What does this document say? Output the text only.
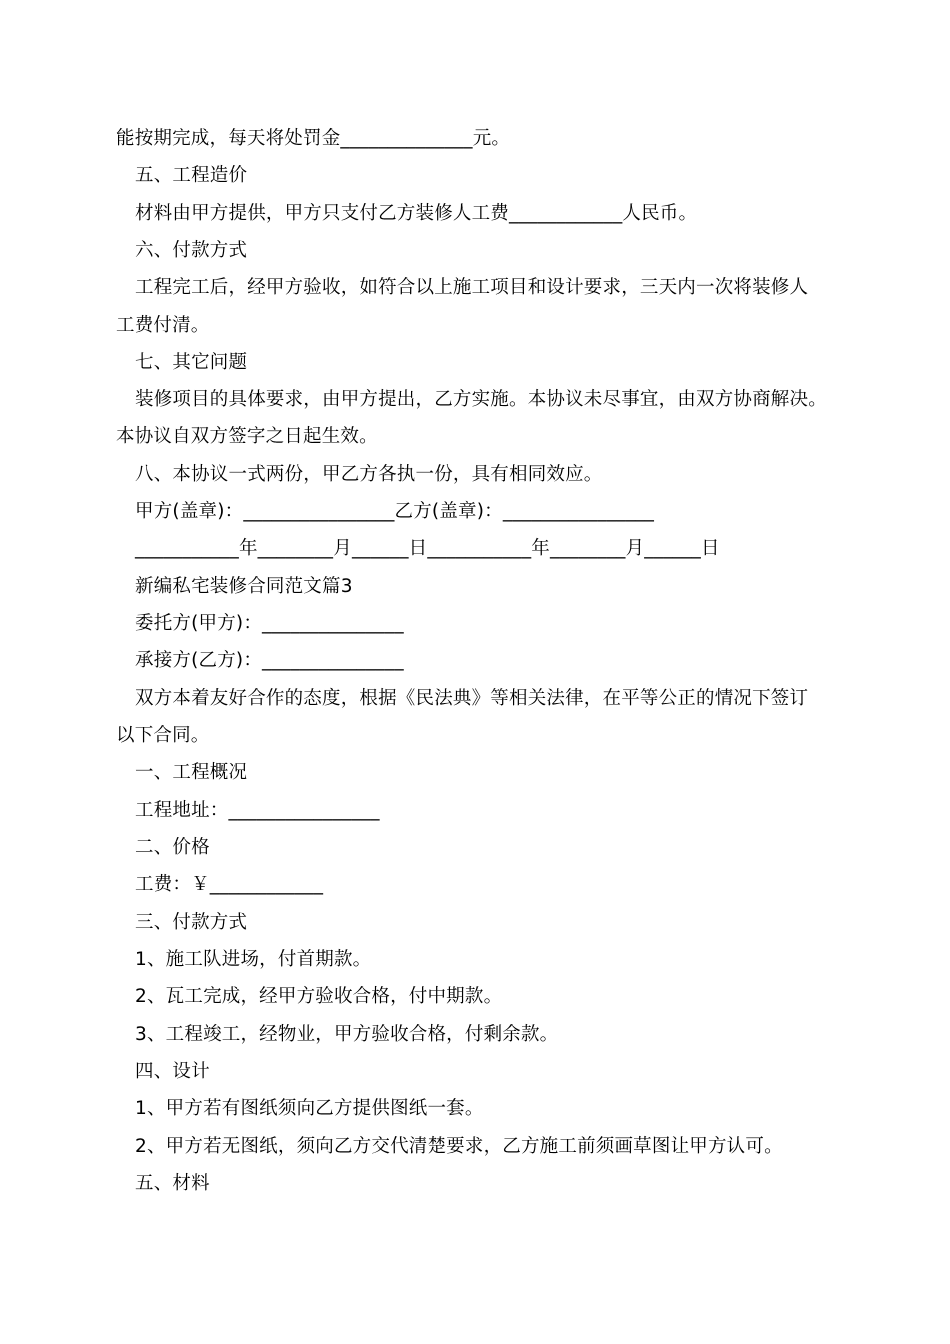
能按期完成，每天将处罚金______________元。
五、工程造价
材料由甲方提供，甲方只支付乙方装修人工费____________人民币。
六、付款方式
工程完工后，经甲方验收，如符合以上施工项目和设计要求，三天内一次将装修人
工费付清。
七、其它问题
装修项目的具体要求，由甲方提出，乙方实施。本协议未尽事宜，由双方协商解决。
本协议自双方签字之日起生效。
八、本协议一式两份，甲乙方各执一份，具有相同效应。
甲方(盖章)：________________乙方(盖章)：________________
___________年________月______日___________年________月______日
新编私宅装修合同范文篇3
委托方(甲方)：_______________
承接方(乙方)：_______________
双方本着友好合作的态度，根据《民法典》等相关法律，在平等公正的情况下签订
以下合同。
一、工程概况
工程地址：________________
二、价格
工费：￥____________
三、付款方式
1、施工队进场，付首期款。
2、瓦工完成，经甲方验收合格，付中期款。
3、工程竣工，经物业，甲方验收合格，付剩余款。
四、设计
1、甲方若有图纸须向乙方提供图纸一套。
2、甲方若无图纸，须向乙方交代清楚要求，乙方施工前须画草图让甲方认可。
五、材料
